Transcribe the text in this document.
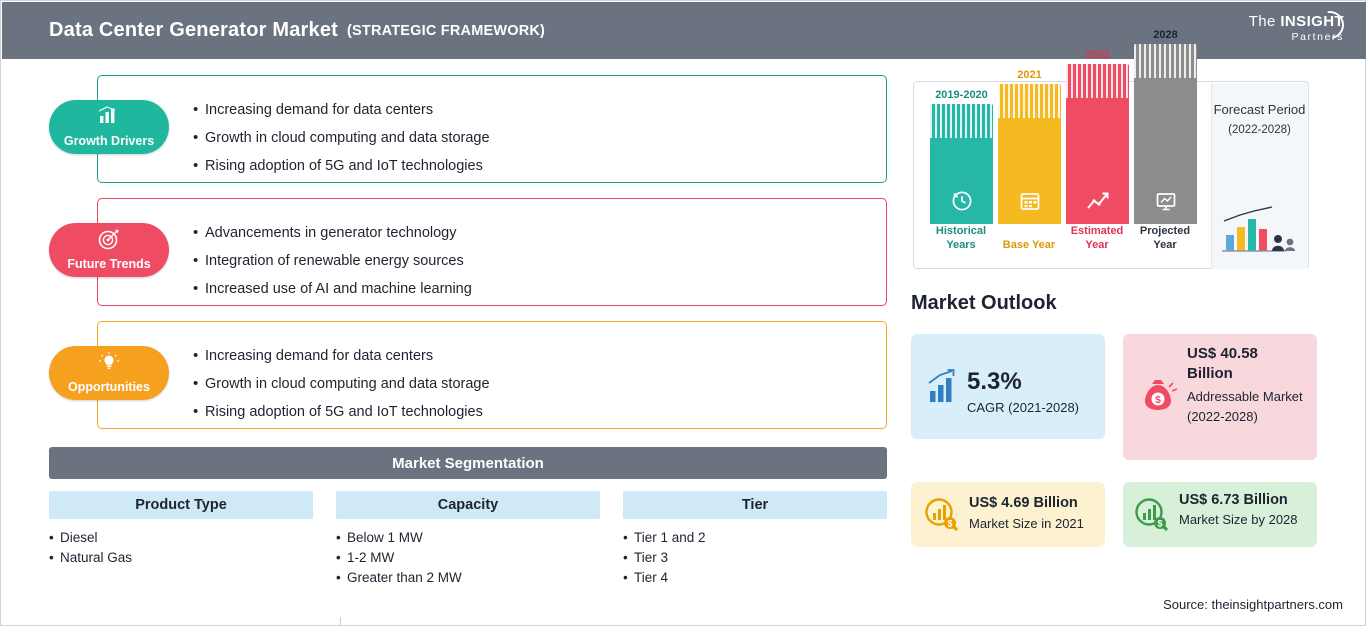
Data Center Generator Market (STRATEGIC FRAMEWORK)
The INSIGHT
Partners
• Increasing demand for data centers
• Growth in cloud computing and data storage
• Rising adoption of 5G and IoT technologies
Growth Drivers
• Advancements in generator technology
• Integration of renewable energy sources
• Increased use of AI and machine learning
Future Trends
• Increasing demand for data centers
• Growth in cloud computing and data storage
• Rising adoption of 5G and IoT technologies
Opportunities
Market Segmentation
Product Type	Capacity	Tier
• Diesel
• Natural Gas
• Below 1 MW
• 1-2 MW
• Greater than 2 MW
• Tier 1 and 2
• Tier 3
• Tier 4
2019-2020
Historical Years
2021
Base Year
2022
Estimated Year
2028
Projected Year
Forecast Period
(2022-2028)
Market Outlook
5.3%
CAGR (2021-2028)	$
US$ 40.58 Billion
Addressable Market (2022-2028)
$
US$ 4.69 Billion
Market Size in 2021	$
US$ 6.73 Billion
Market Size by 2028
Source: theinsightpartners.com
